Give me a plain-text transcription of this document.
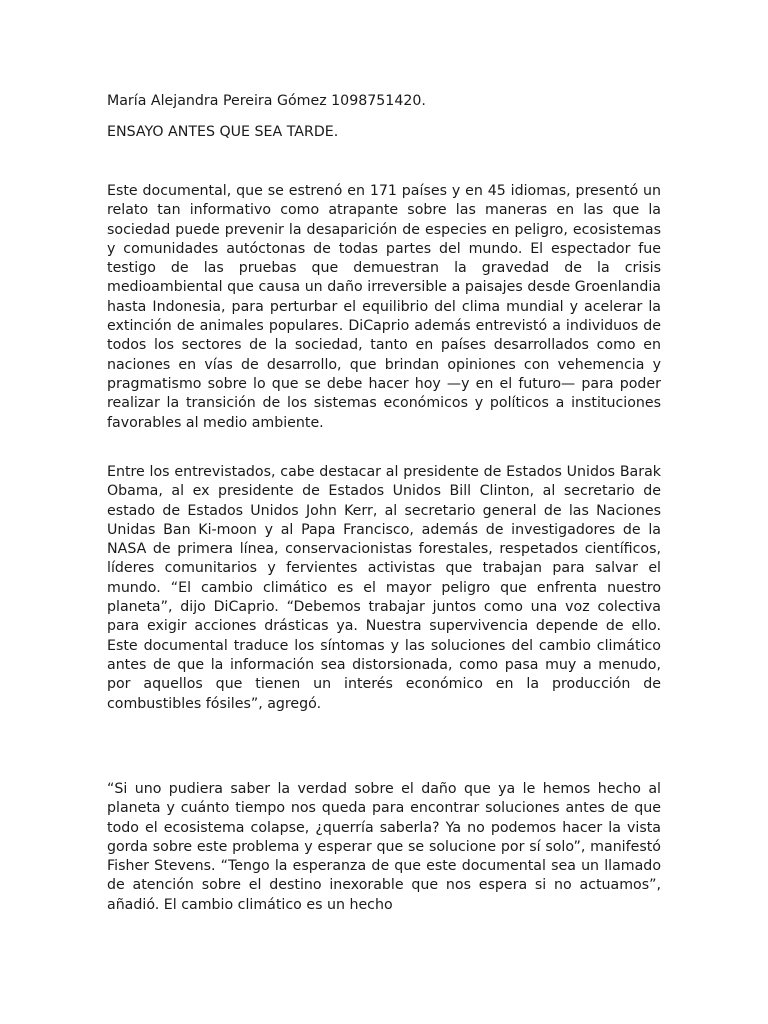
María Alejandra Pereira Gómez 1098751420.

ENSAYO ANTES QUE SEA TARDE.

Este documental, que se estrenó en 171 países y en 45 idiomas, presentó un relato tan informativo como atrapante sobre las maneras en las que la sociedad puede prevenir la desaparición de especies en peligro, ecosistemas y comunidades autóctonas de todas partes del mundo. El espectador fue testigo de las pruebas que demuestran la gravedad de la crisis medioambiental que causa un daño irreversible a paisajes desde Groenlandia hasta Indonesia, para perturbar el equilibrio del clima mundial y acelerar la extinción de animales populares. DiCaprio además entrevistó a individuos de todos los sectores de la sociedad, tanto en países desarrollados como en naciones en vías de desarrollo, que brindan opiniones con vehemencia y pragmatismo sobre lo que se debe hacer hoy —y en el futuro— para poder realizar la transición de los sistemas económicos y políticos a instituciones favorables al medio ambiente.

Entre los entrevistados, cabe destacar al presidente de Estados Unidos Barak Obama, al ex presidente de Estados Unidos Bill Clinton, al secretario de estado de Estados Unidos John Kerr, al secretario general de las Naciones Unidas Ban Ki-moon y al Papa Francisco, además de investigadores de la NASA de primera línea, conservacionistas forestales, respetados científicos, líderes comunitarios y fervientes activistas que trabajan para salvar el mundo. “El cambio climático es el mayor peligro que enfrenta nuestro planeta”, dijo DiCaprio. “Debemos trabajar juntos como una voz colectiva para exigir acciones drásticas ya. Nuestra supervivencia depende de ello. Este documental traduce los síntomas y las soluciones del cambio climático antes de que la información sea distorsionada, como pasa muy a menudo, por aquellos que tienen un interés económico en la producción de combustibles fósiles”, agregó.

“Si uno pudiera saber la verdad sobre el daño que ya le hemos hecho al planeta y cuánto tiempo nos queda para encontrar soluciones antes de que todo el ecosistema colapse, ¿querría saberla? Ya no podemos hacer la vista gorda sobre este problema y esperar que se solucione por sí solo”, manifestó Fisher Stevens. “Tengo la esperanza de que este documental sea un llamado de atención sobre el destino inexorable que nos espera si no actuamos”, añadió. El cambio climático es un hecho
